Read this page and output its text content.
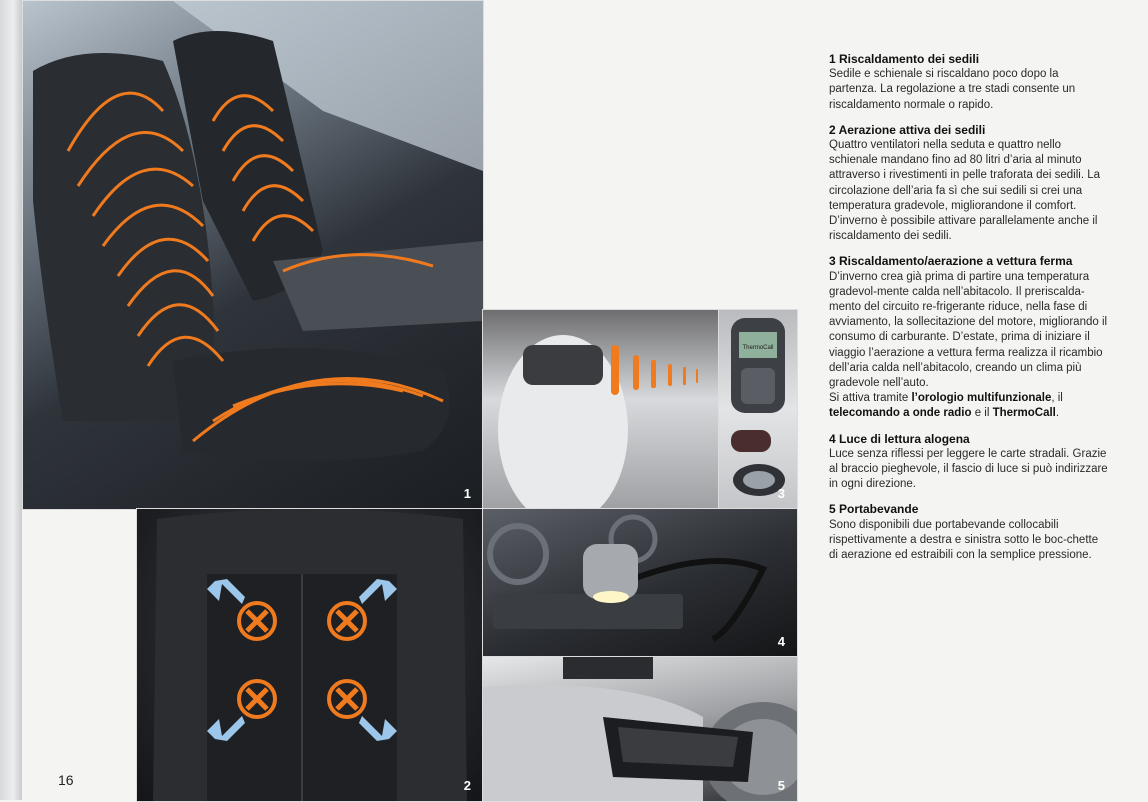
1
2
ThermoCall
3
4
5
16
1 Riscaldamento dei sedili

Sedile e schienale si riscaldano poco dopo la partenza. La regolazione a tre stadi consente un riscaldamento normale o rapido.

2 Aerazione attiva dei sedili

Quattro ventilatori nella seduta e quattro nello schienale mandano fino ad 80 litri d’aria al minuto attraverso i rivestimenti in pelle traforata dei sedili. La circolazione dell’aria fa sì che sui sedili si crei una temperatura gradevole, migliorandone il comfort. D’inverno è possibile attivare parallelamente anche il riscaldamento dei sedili.

3 Riscaldamento/aerazione a vettura ferma

D’inverno crea già prima di partire una temperatura gradevol-mente calda nell’abitacolo. Il preriscalda-mento del circuito re-frigerante riduce, nella fase di avviamento, la sollecitazione del motore, migliorando il consumo di carburante. D’estate, prima di iniziare il viaggio l’aerazione a vettura ferma realizza il ricambio dell’aria calda nell’abitacolo, creando un clima più gradevole nell’auto.

Si attiva tramite l’orologio multifunzionale, il telecomando a onde radio e il ThermoCall.

4 Luce di lettura alogena

Luce senza riflessi per leggere le carte stradali. Grazie al braccio pieghevole, il fascio di luce si può indirizzare in ogni direzione.

5 Portabevande

Sono disponibili due portabevande collocabili rispettivamente a destra e sinistra sotto le boc-chette di aerazione ed estraibili con la semplice pressione.
